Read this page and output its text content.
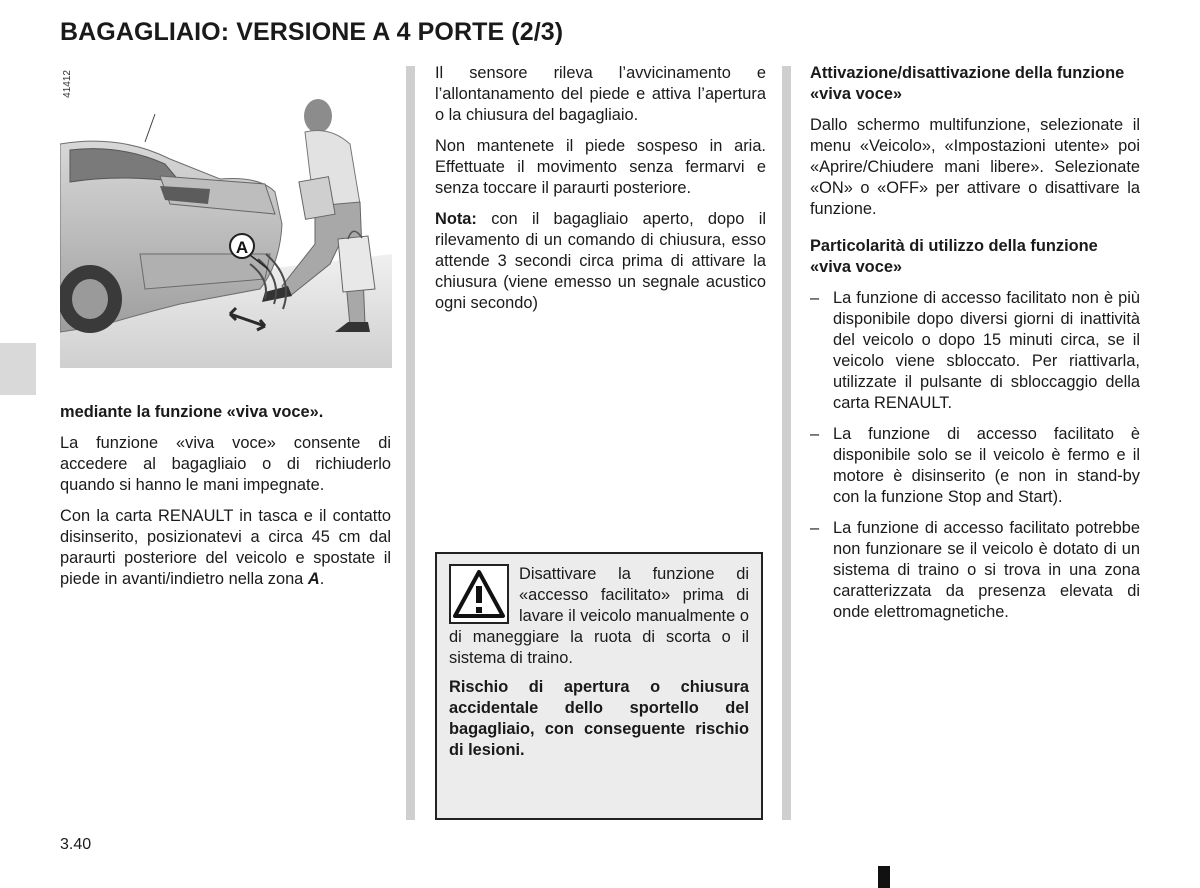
BAGAGLIAIO: VERSIONE A 4 PORTE (2/3)
A
41412

mediante la funzione «viva voce».

La funzione «viva voce» consente di accedere al bagagliaio o di richiuderlo quando si hanno le mani impegnate.

Con la carta RENAULT in tasca e il contatto disinserito, posizionatevi a circa 45 cm dal paraurti posteriore del veicolo e spostate il piede in avanti/indietro nella zona A.

Il sensore rileva l’avvicinamento e l’allontanamento del piede e attiva l’apertura o la chiusura del bagagliaio.

Non mantenete il piede sospeso in aria. Effettuate il movimento senza fermarvi e senza toccare il paraurti posteriore.

Nota: con il bagagliaio aperto, dopo il rilevamento di un comando di chiusura, esso attende 3 secondi circa prima di attivare la chiusura (viene emesso un segnale acustico ogni secondo)

Disattivare la funzione di «accesso facilitato» prima di lavare il veicolo manualmente o di maneggiare la ruota di scorta o il sistema di traino.

Rischio di apertura o chiusura accidentale dello sportello del bagagliaio, con conseguente rischio di lesioni.

Attivazione/disattivazione della funzione «viva voce»

Dallo schermo multifunzione, selezionate il menu «Veicolo», «Impostazioni utente» poi «Aprire/Chiudere mani libere». Selezionate «ON» o «OFF» per attivare o disattivare la funzione.

Particolarità di utilizzo della funzione «viva voce»

– La funzione di accesso facilitato non è più disponibile dopo diversi giorni di inattività del veicolo o dopo 15 minuti circa, se il veicolo viene sbloccato. Per riattivarla, utilizzate il pulsante di sbloccaggio della carta RENAULT.
– La funzione di accesso facilitato è disponibile solo se il veicolo è fermo e il motore è disinserito (e non in stand-by con la funzione Stop and Start).
– La funzione di accesso facilitato potrebbe non funzionare se il veicolo è dotato di un sistema di traino o si trova in una zona caratterizzata da presenza elevata di onde elettromagnetiche.
3.40
